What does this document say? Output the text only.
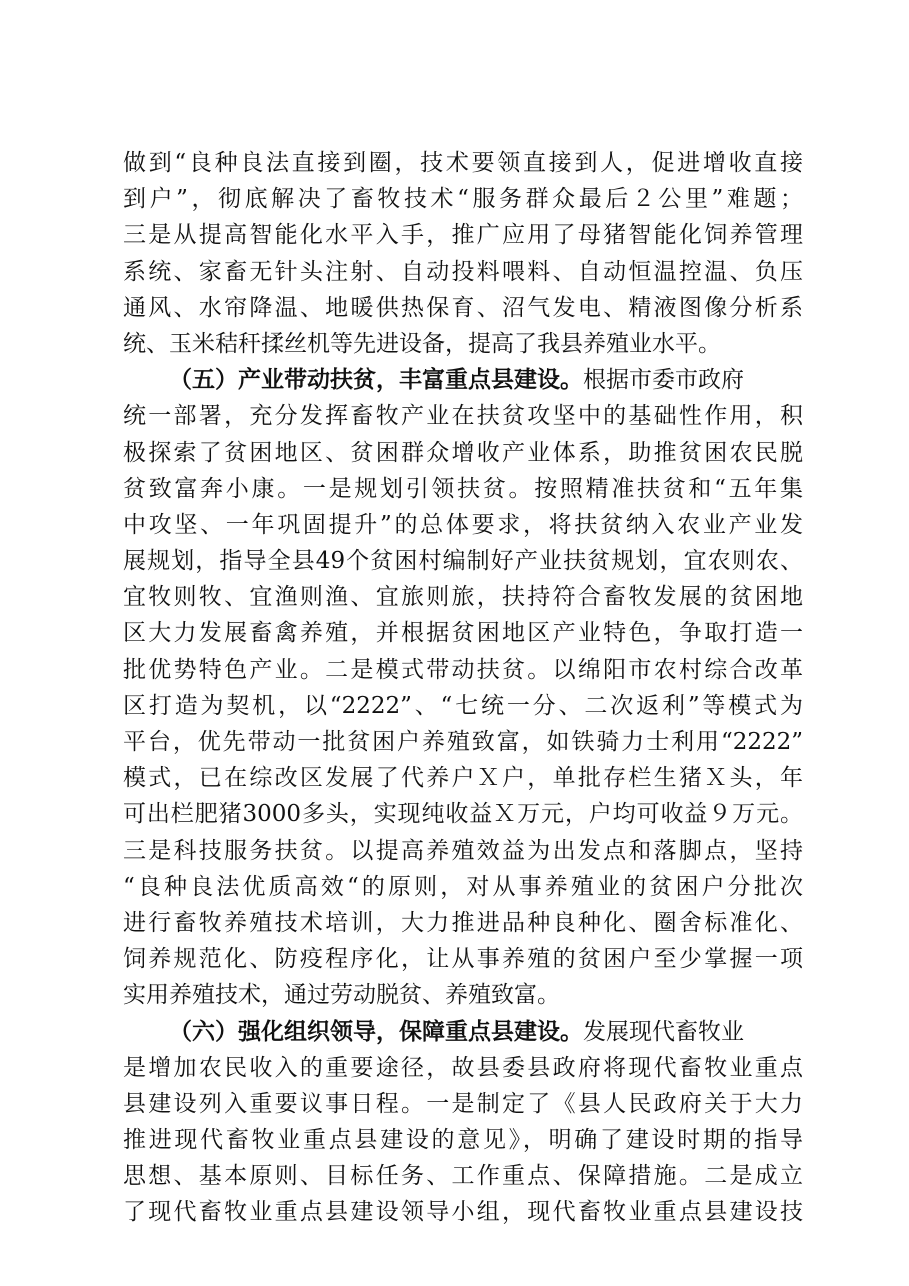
做到“良种良法直接到圈，技术要领直接到人，促进增收直接
到户”，彻底解决了畜牧技术“服务群众最后２公里”难题；
三是从提高智能化水平入手，推广应用了母猪智能化饲养管理
系统、家畜无针头注射、自动投料喂料、自动恒温控温、负压
通风、水帘降温、地暖供热保育、沼气发电、精液图像分析系
统、玉米秸秆揉丝机等先进设备，提高了我县养殖业水平。
（五）产业带动扶贫，丰富重点县建设。根据市委市政府
统一部署，充分发挥畜牧产业在扶贫攻坚中的基础性作用，积
极探索了贫困地区、贫困群众增收产业体系，助推贫困农民脱
贫致富奔小康。一是规划引领扶贫。按照精准扶贫和“五年集
中攻坚、一年巩固提升”的总体要求，将扶贫纳入农业产业发
展规划，指导全县49个贫困村编制好产业扶贫规划，宜农则农、
宜牧则牧、宜渔则渔、宜旅则旅，扶持符合畜牧发展的贫困地
区大力发展畜禽养殖，并根据贫困地区产业特色，争取打造一
批优势特色产业。二是模式带动扶贫。以绵阳市农村综合改革
区打造为契机，以“2222”、“七统一分、二次返利”等模式为
平台，优先带动一批贫困户养殖致富，如铁骑力士利用“2222”
模式，已在综改区发展了代养户Ｘ户，单批存栏生猪Ｘ头，年
可出栏肥猪3000多头，实现纯收益Ｘ万元，户均可收益９万元。
三是科技服务扶贫。以提高养殖效益为出发点和落脚点，坚持
“良种良法优质高效“的原则，对从事养殖业的贫困户分批次
进行畜牧养殖技术培训，大力推进品种良种化、圈舍标准化、
饲养规范化、防疫程序化，让从事养殖的贫困户至少掌握一项
实用养殖技术，通过劳动脱贫、养殖致富。
（六）强化组织领导，保障重点县建设。发展现代畜牧业
是增加农民收入的重要途径，故县委县政府将现代畜牧业重点
县建设列入重要议事日程。一是制定了《县人民政府关于大力
推进现代畜牧业重点县建设的意见》，明确了建设时期的指导
思想、基本原则、目标任务、工作重点、保障措施。二是成立
了现代畜牧业重点县建设领导小组，现代畜牧业重点县建设技
